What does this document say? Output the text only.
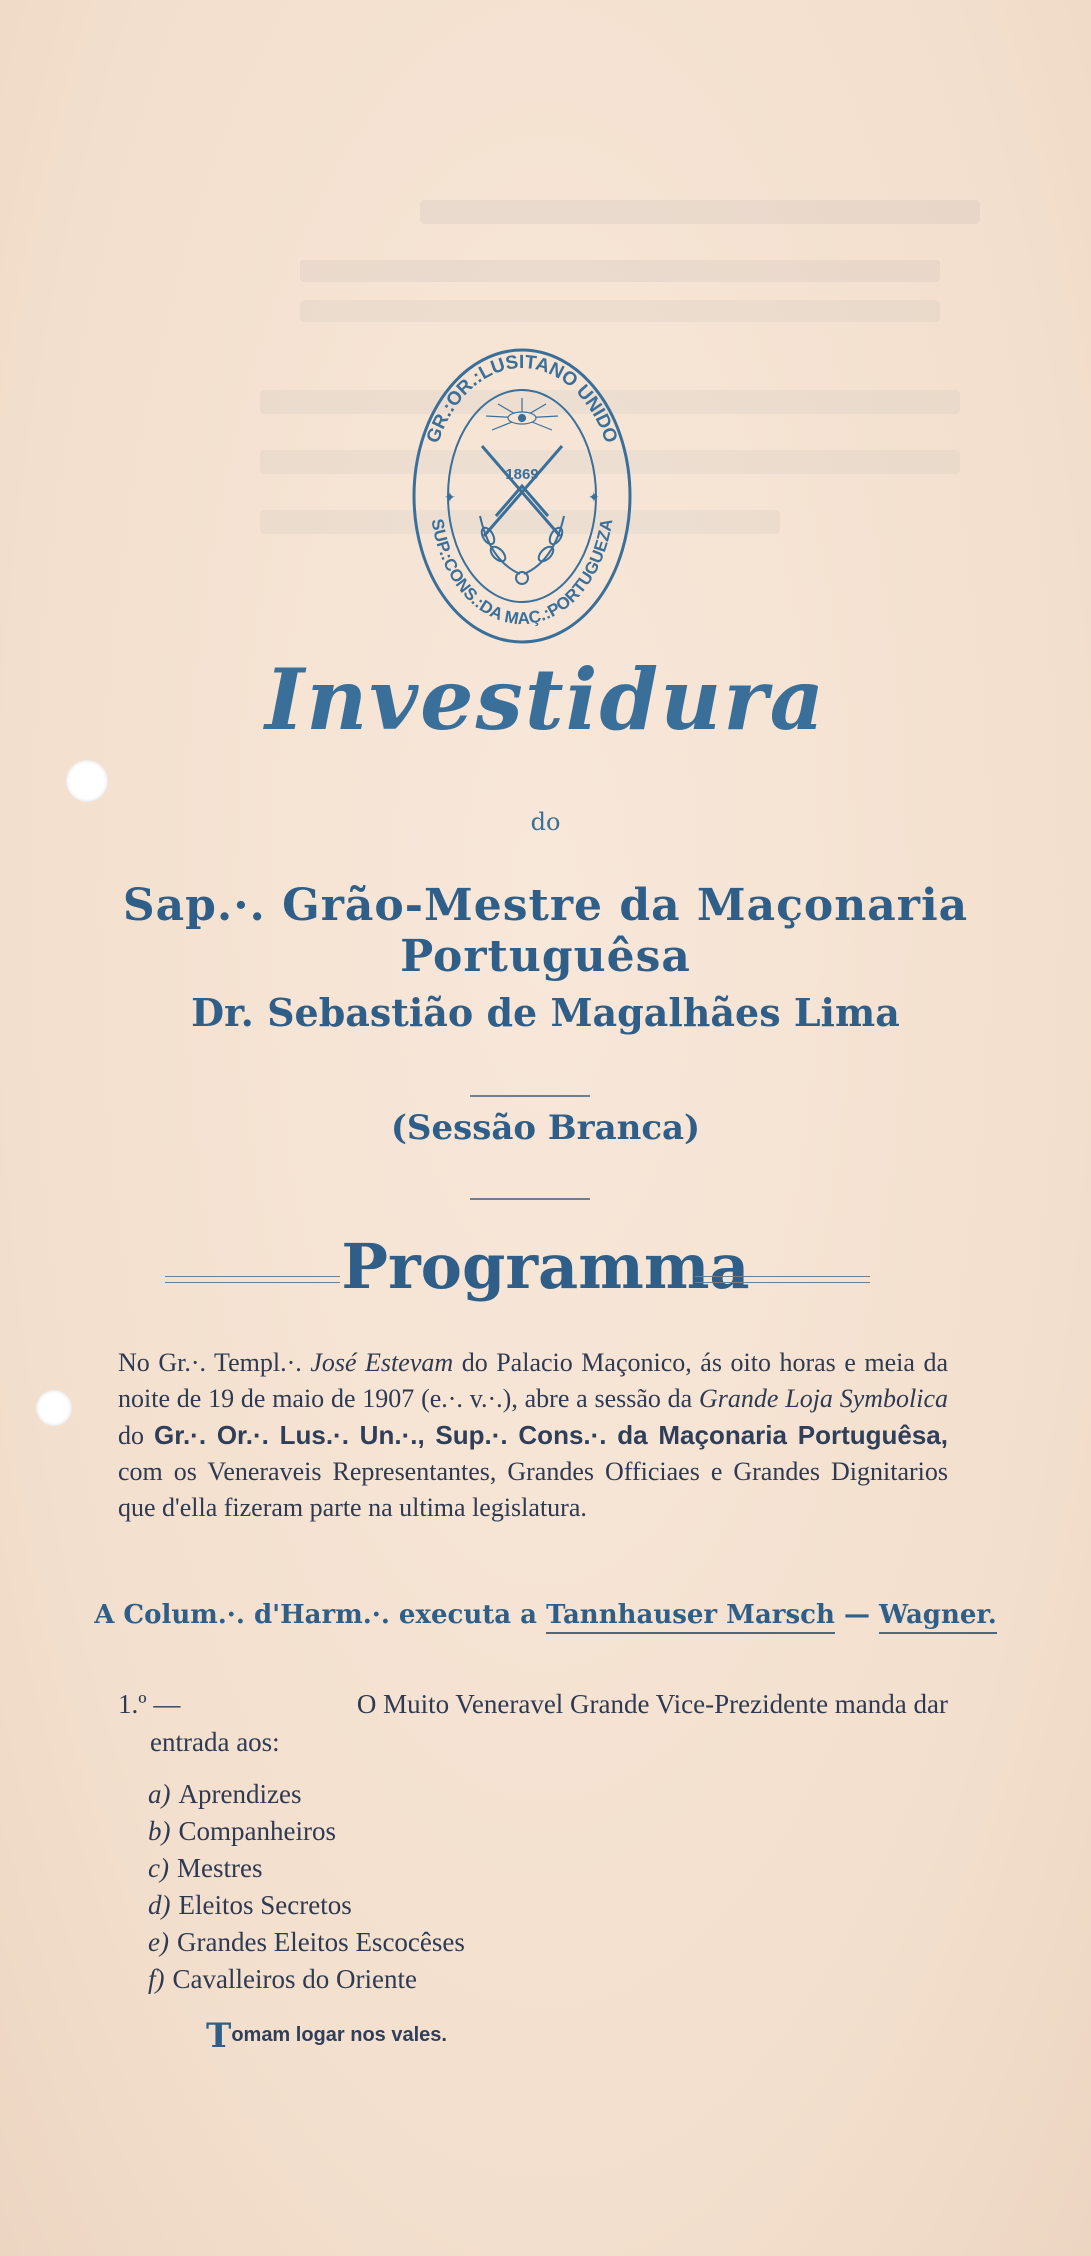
GR.:OR.:LUSITANO UNIDO
SUP.:CONS.:DA MAÇ.:PORTUGUEZA
1869
✦	✦
Investidura
do
Sap.·. Grão-Mestre da Maçonaria Portuguêsa
Dr. Sebastião de Magalhães Lima
(Sessão Branca)
Programma
No Gr.·. Templ.·. José Estevam do Palacio Maçonico, ás oito horas e meia da noite de 19 de maio de 1907 (e.·. v.·.), abre a sessão da Grande Loja Symbolica do Gr.·. Or.·. Lus.·. Un.·., Sup.·. Cons.·. da Maçonaria Portuguêsa, com os Veneraveis Representantes, Grandes Officiaes e Grandes Dignitarios que d'ella fizeram parte na ultima legislatura.
A Colum.·. d'Harm.·. executa a Tannhauser Marsch — Wagner.
1.º —	O Muito Veneravel Grande Vice-Prezidente manda dar
entrada aos:
a) Aprendizes
b) Companheiros
c) Mestres
d) Eleitos Secretos
e) Grandes Eleitos Escocêses
f) Cavalleiros do Oriente
Tomam logar nos vales.
